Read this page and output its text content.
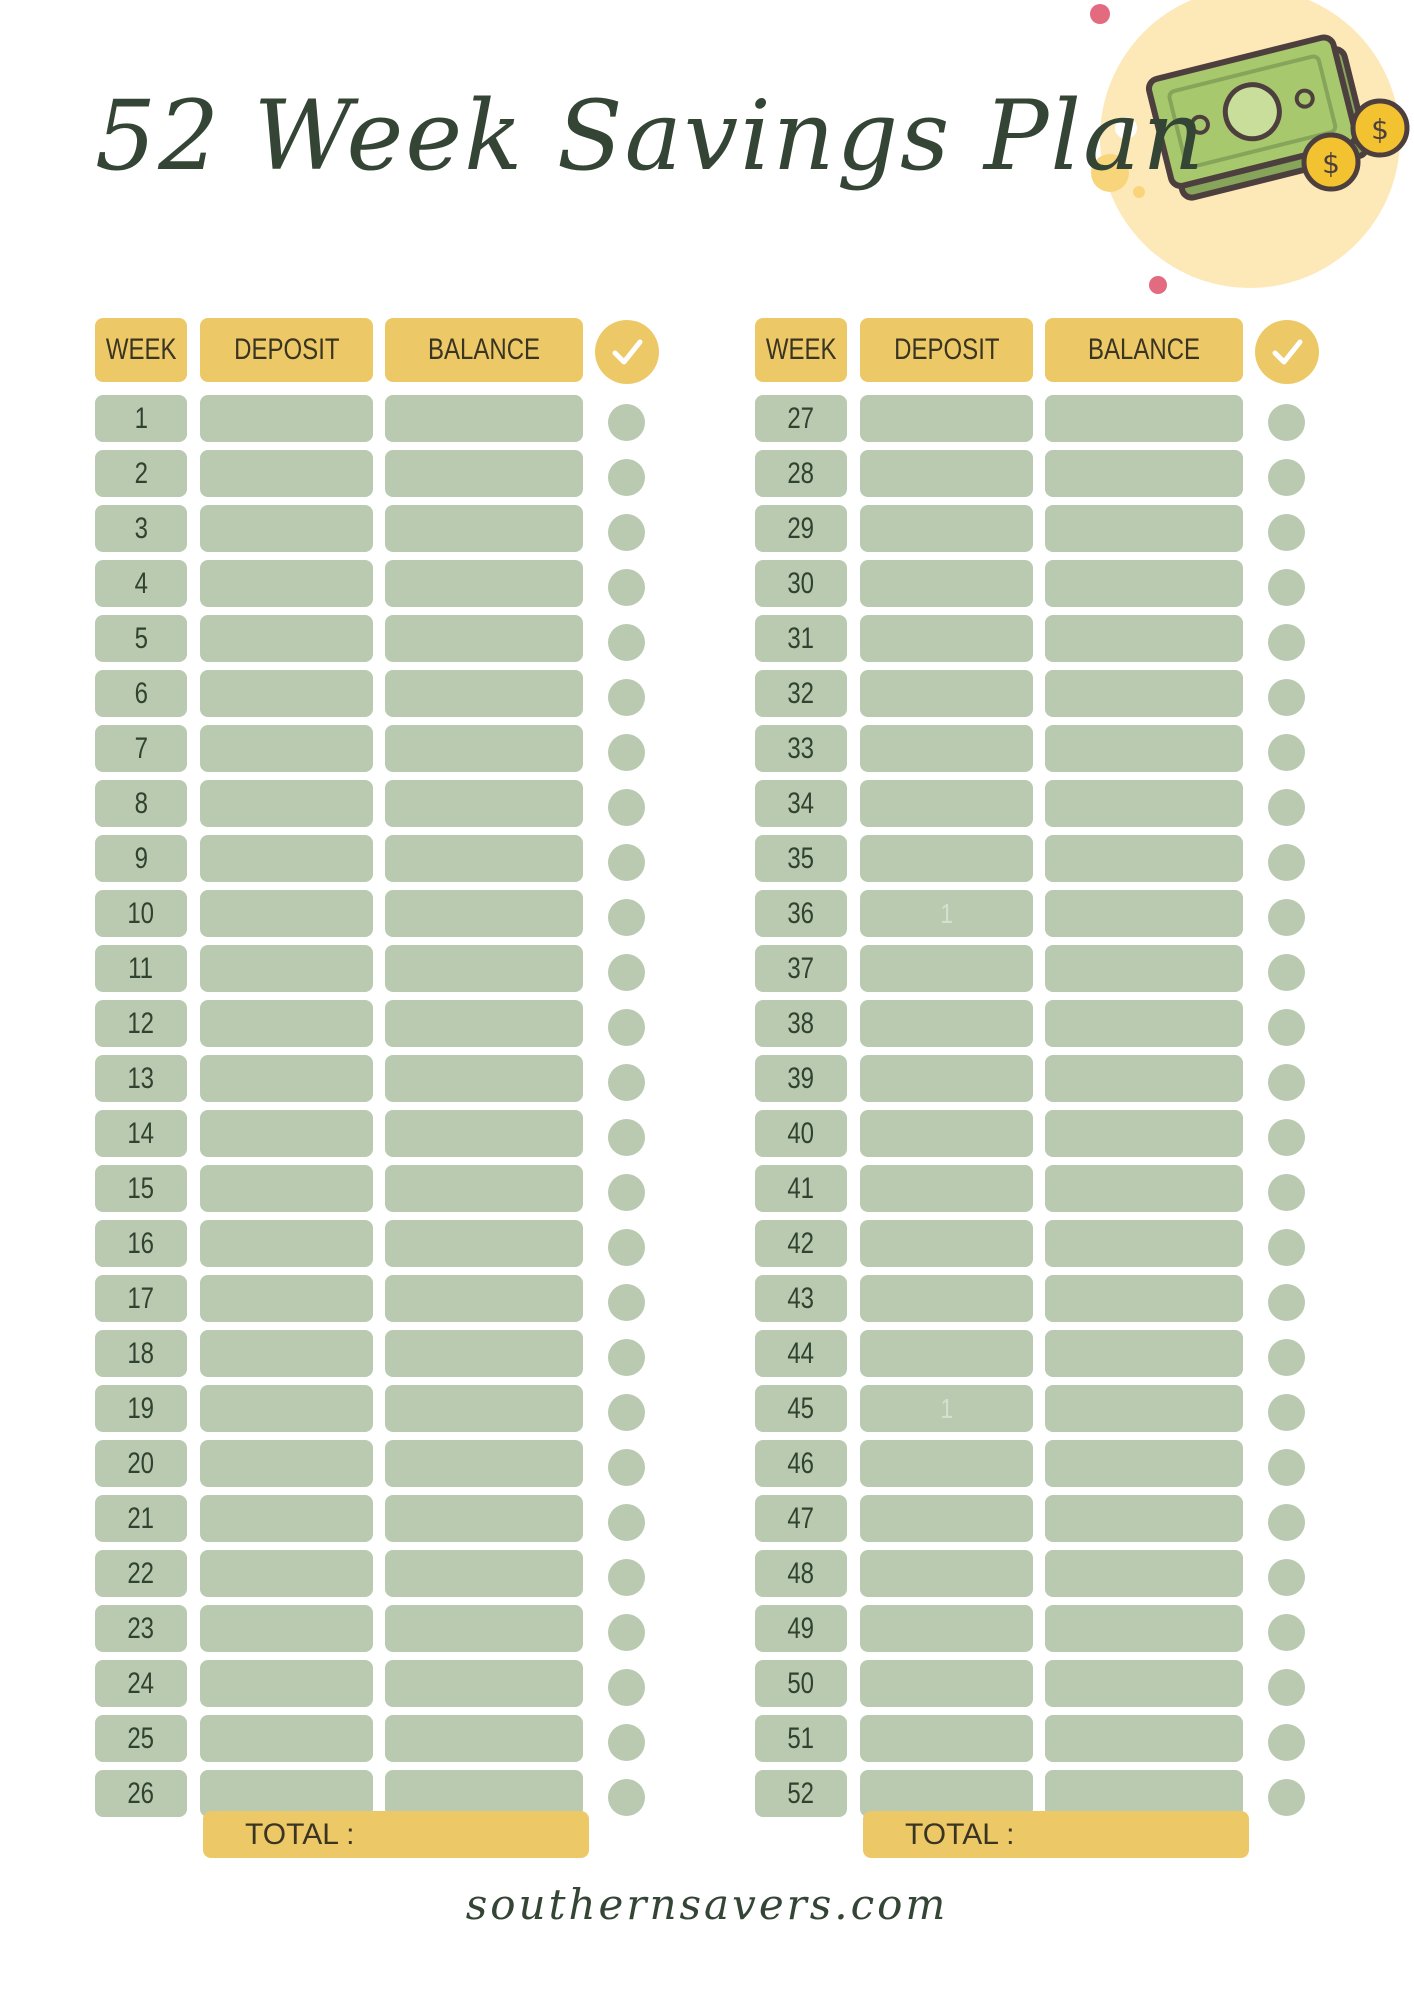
$
$
52 Week Savings Plan
WEEK DEPOSIT	BALANCE
1
2
3
4
5
6
7
8
9
10
11
12
13
14
15
16
17
18
19
20
21
22
23
24
25
26
TOTAL :
WEEK DEPOSIT	BALANCE
27
28
29
30
31
32
33
34
35
36	1
37
38
39
40
41
42
43
44
45	1
46
47
48
49
50
51
52
TOTAL :
southernsavers.com
